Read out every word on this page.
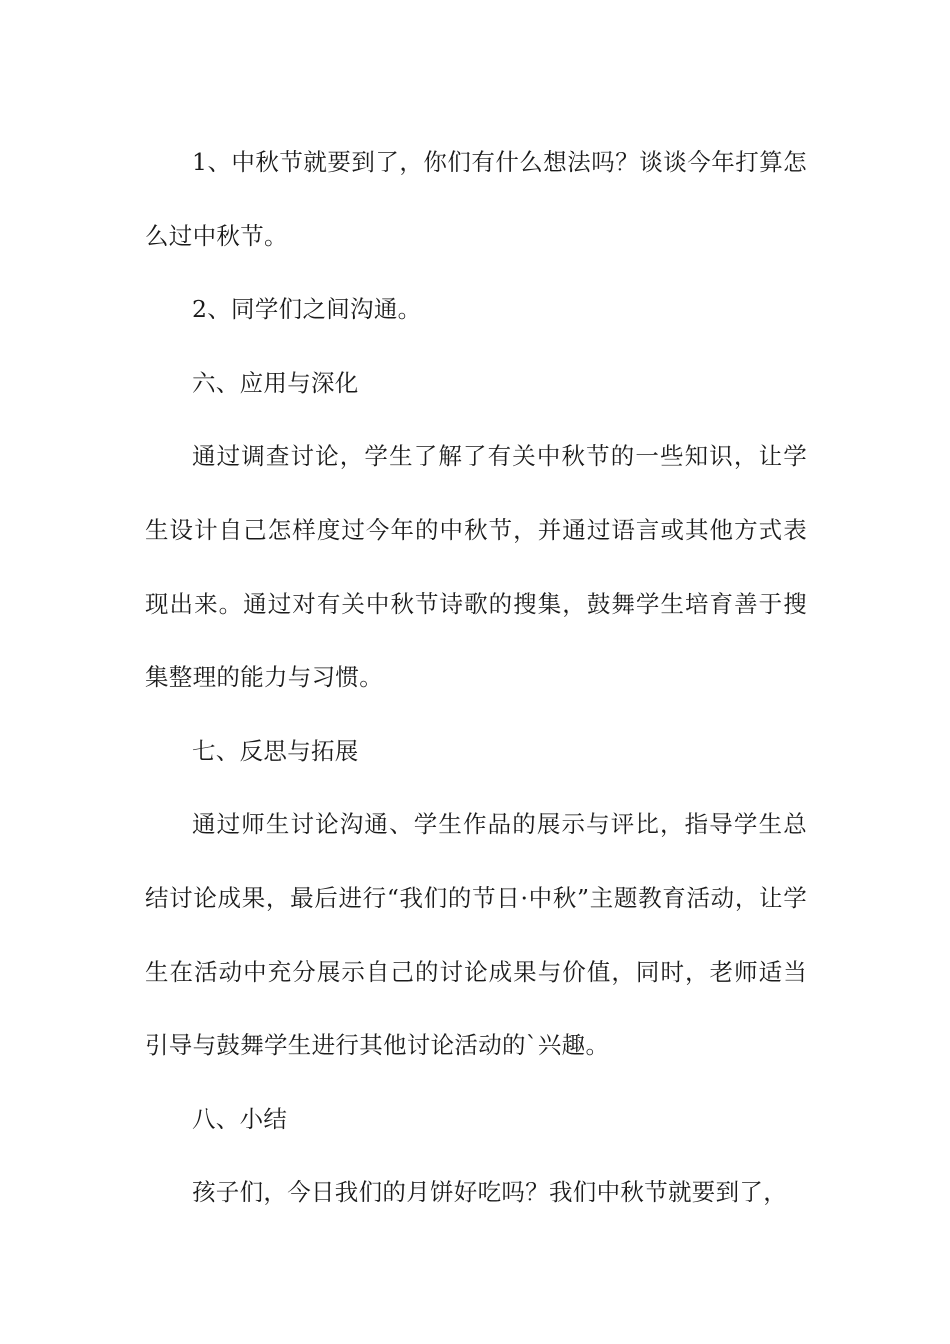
1、中秋节就要到了，你们有什么想法吗？谈谈今年打算怎么过中秋节。

2、同学们之间沟通。

六、应用与深化

通过调查讨论，学生了解了有关中秋节的一些知识，让学生设计自己怎样度过今年的中秋节，并通过语言或其他方式表现出来。通过对有关中秋节诗歌的搜集，鼓舞学生培育善于搜集整理的能力与习惯。

七、反思与拓展

通过师生讨论沟通、学生作品的展示与评比，指导学生总结讨论成果，最后进行“我们的节日·中秋”主题教育活动，让学生在活动中充分展示自己的讨论成果与价值，同时，老师适当引导与鼓舞学生进行其他讨论活动的`兴趣。

八、小结

孩子们，今日我们的月饼好吃吗？我们中秋节就要到了，
